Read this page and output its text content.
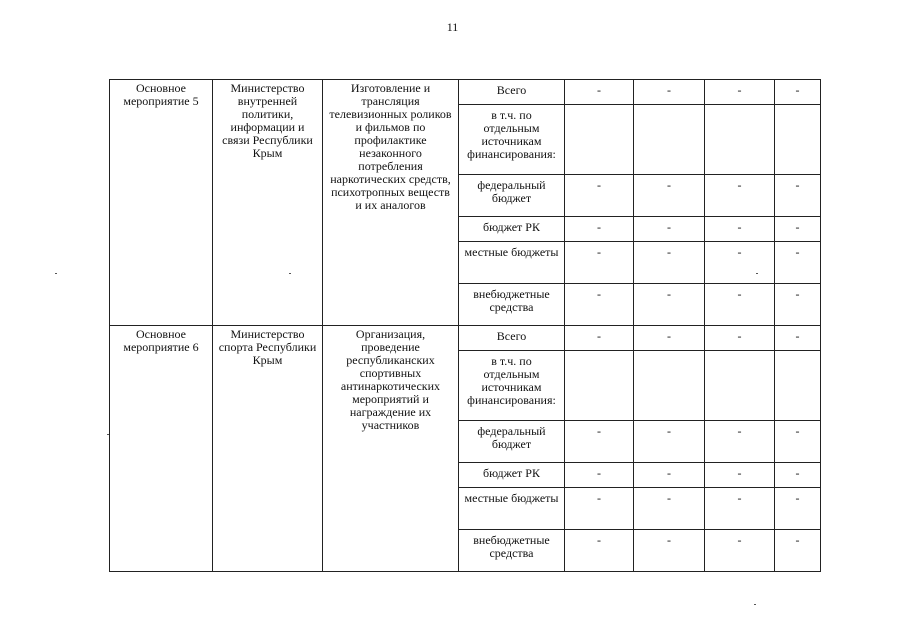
11
Основное мероприятие 5	Министерство внутренней политики, информации и связи Республики Крым	Изготовление и трансляция телевизионных роликов и фильмов по профилактике незаконного потребления наркотических средств, психотропных веществ и их аналогов	Всего	-	-	-	-
			в т.ч. по отдельным источникам финансирования:				
			федеральный бюджет	-	-	-	-
			бюджет РК	-	-	-	-
			местные бюджеты	-	-	-	-
			внебюджетные средства	-	-	-	-
Основное мероприятие 6	Министерство спорта Республики Крым	Организация, проведение республиканских спортивных антинаркотических мероприятий и награждение их участников	Всего	-	-	-	-
			в т.ч. по отдельным источникам финансирования:				
			федеральный бюджет	-	-	-	-
			бюджет РК	-	-	-	-
			местные бюджеты	-	-	-	-
			внебюджетные средства	-	-	-	-
